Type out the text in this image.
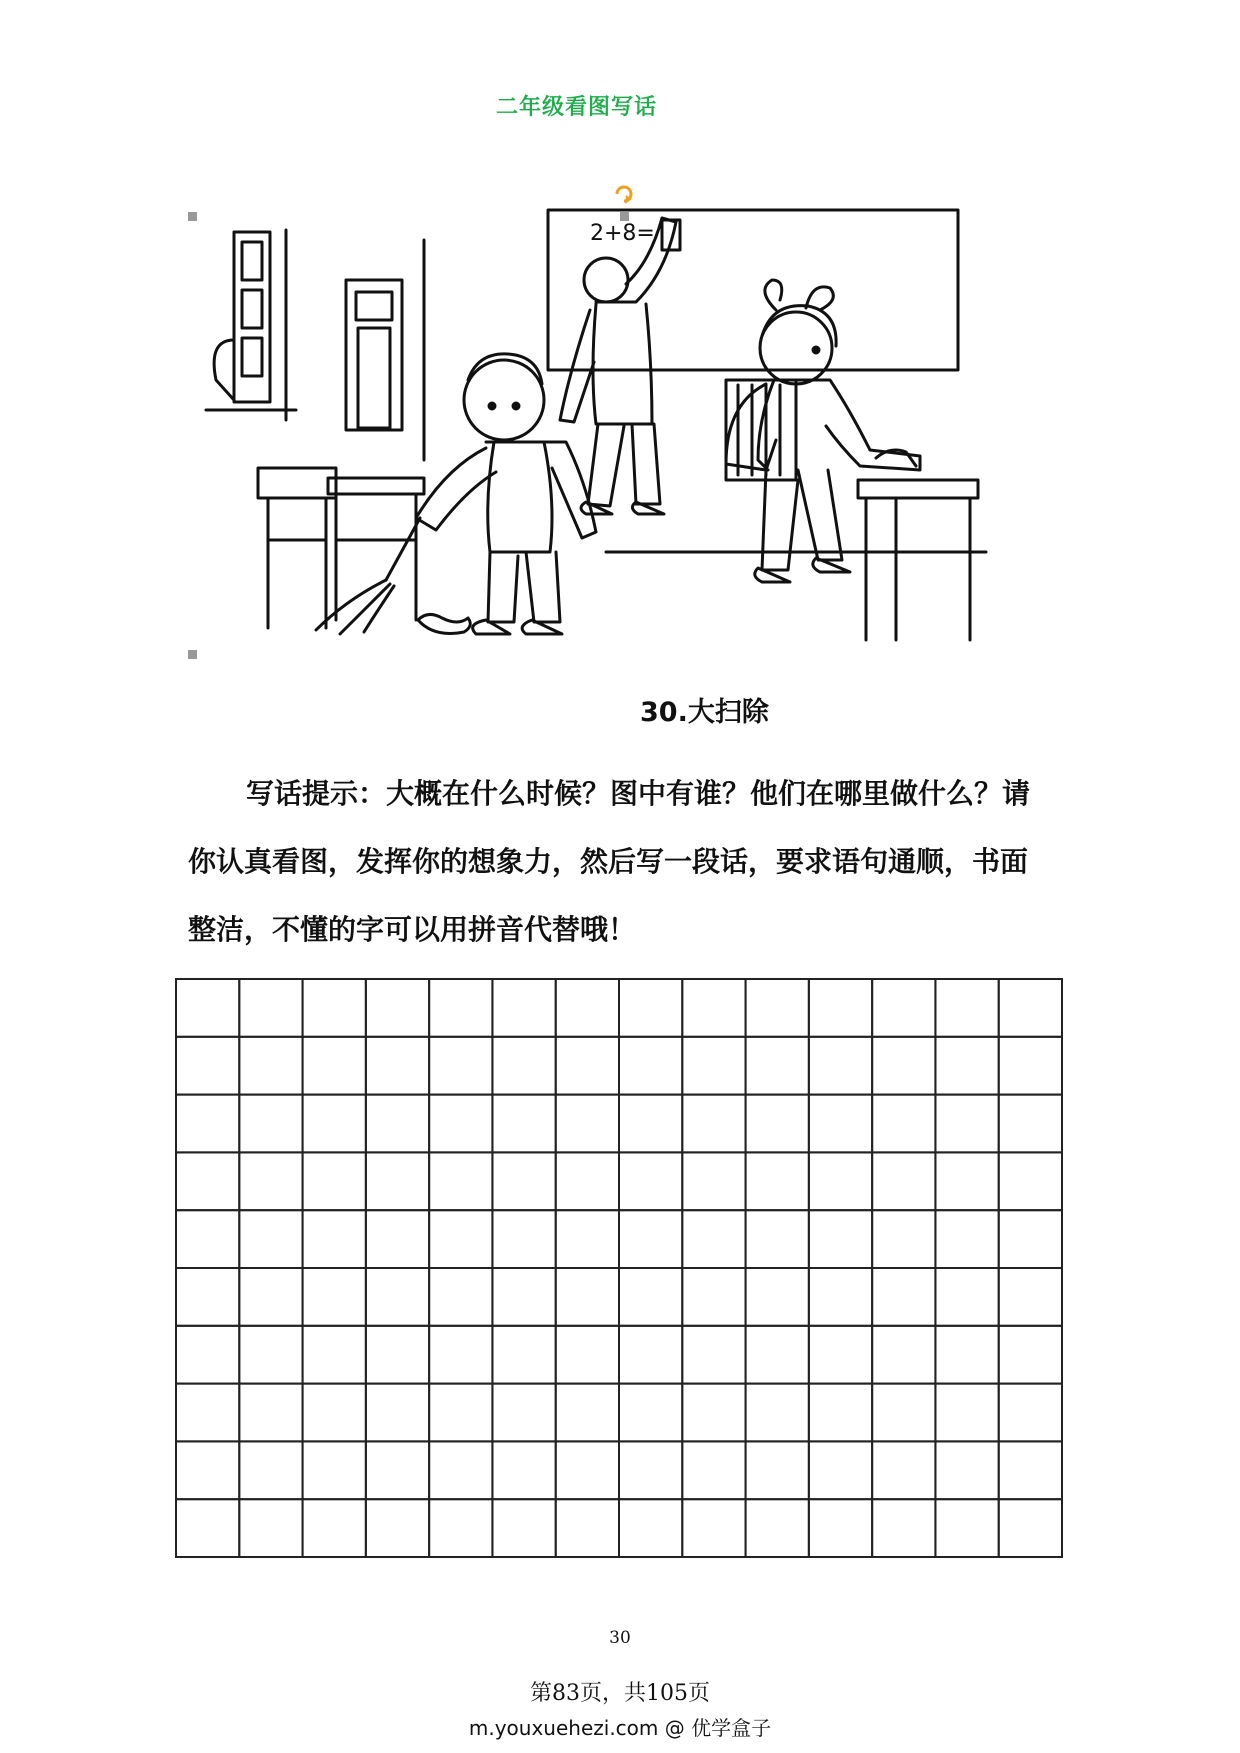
二年级看图写话
2+8=
30.大扫除
写话提示：大概在什么时候？图中有谁？他们在哪里做什么？请
你认真看图，发挥你的想象力，然后写一段话，要求语句通顺，书面
整洁，不懂的字可以用拼音代替哦！
30
第83页，共105页
m.youxuehezi.com @ 优学盒子
